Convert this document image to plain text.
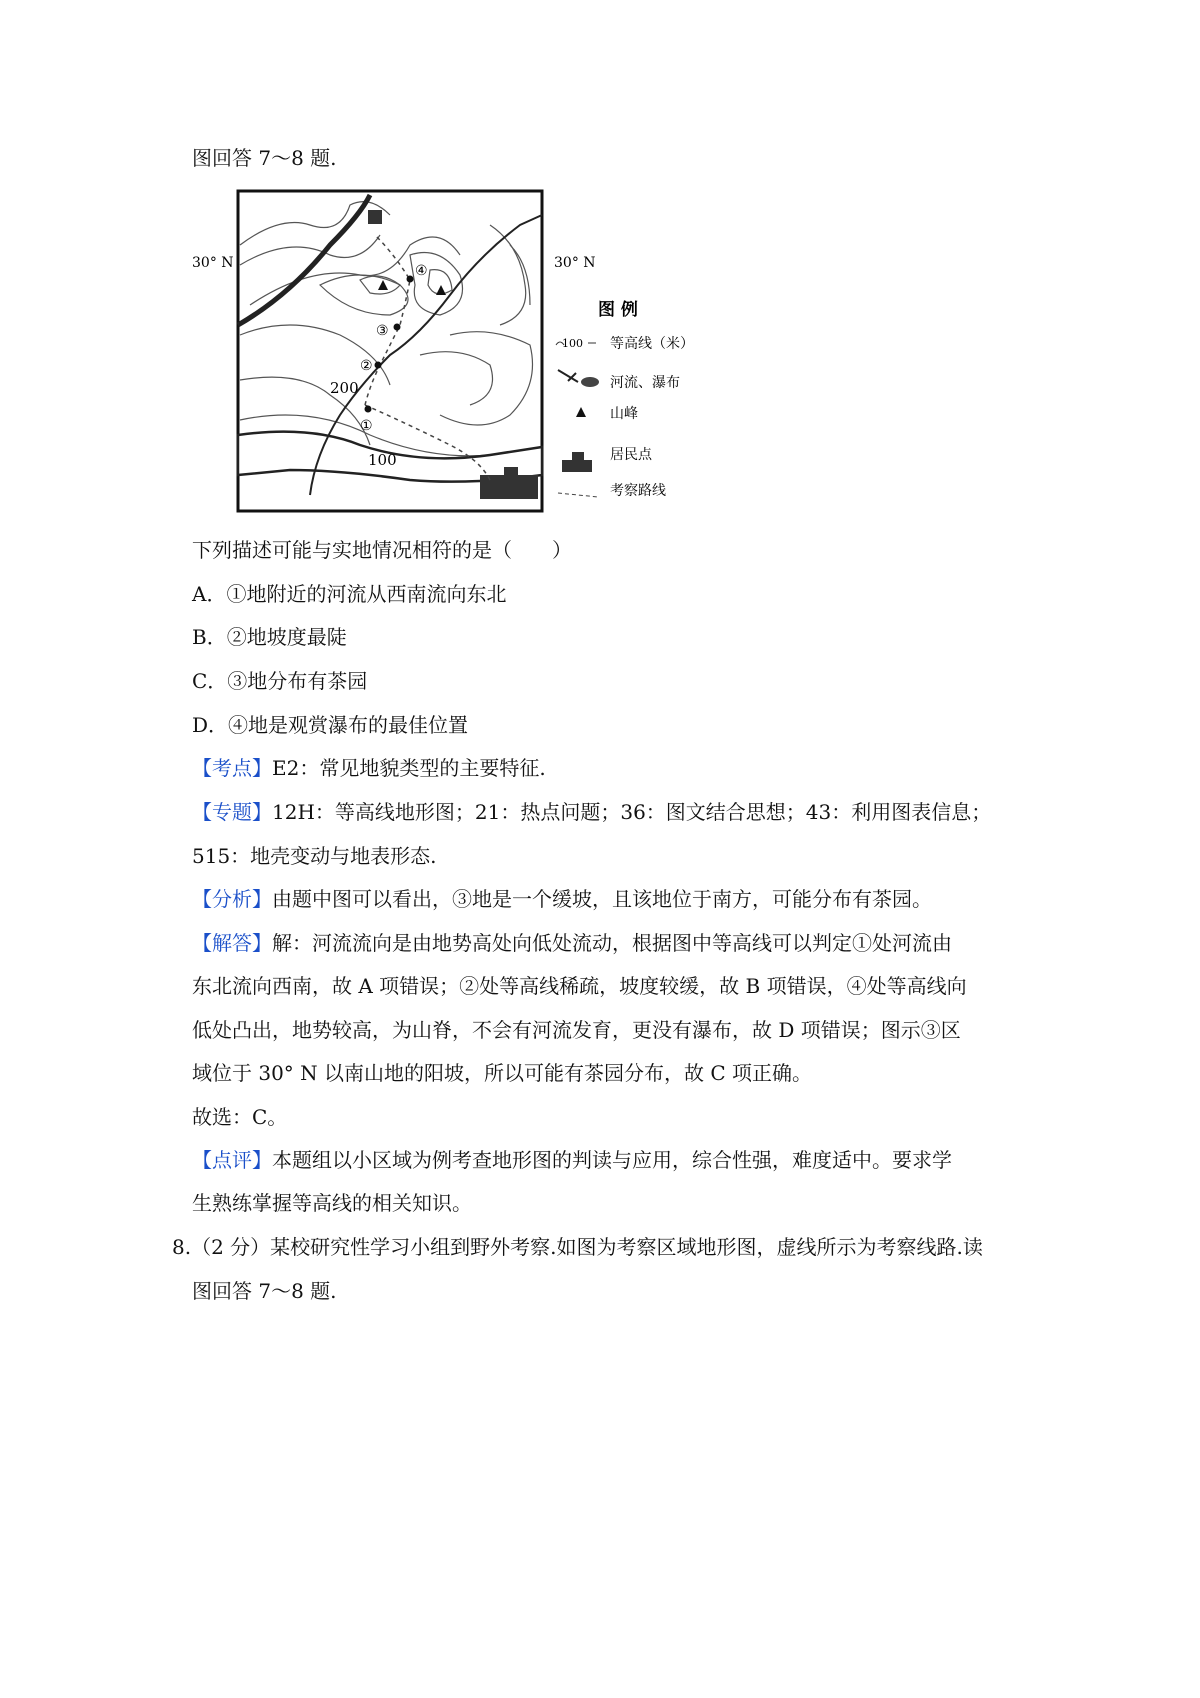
图回答 7～8 题.
①
②
③
④
200
100
30° N	30° N
图 例
100 等高线（米）
河流、瀑布
山峰
居民点
考察路线
下列描述可能与实地情况相符的是（　　）
A．①地附近的河流从西南流向东北
B．②地坡度最陡
C．③地分布有茶园
D．④地是观赏瀑布的最佳位置
【考点】E2：常见地貌类型的主要特征.
【专题】12H：等高线地形图；21：热点问题；36：图文结合思想；43：利用图表信息；
515：地壳变动与地表形态.
【分析】由题中图可以看出，③地是一个缓坡，且该地位于南方，可能分布有茶园。
【解答】解：河流流向是由地势高处向低处流动，根据图中等高线可以判定①处河流由
东北流向西南，故 A 项错误；②处等高线稀疏，坡度较缓，故 B 项错误，④处等高线向
低处凸出，地势较高，为山脊，不会有河流发育，更没有瀑布，故 D 项错误；图示③区
域位于 30° N 以南山地的阳坡，所以可能有茶园分布，故 C 项正确。
故选：C。
【点评】本题组以小区域为例考查地形图的判读与应用，综合性强，难度适中。要求学
生熟练掌握等高线的相关知识。
8.（2 分）某校研究性学习小组到野外考察.如图为考察区域地形图，虚线所示为考察线路.读
图回答 7～8 题.
